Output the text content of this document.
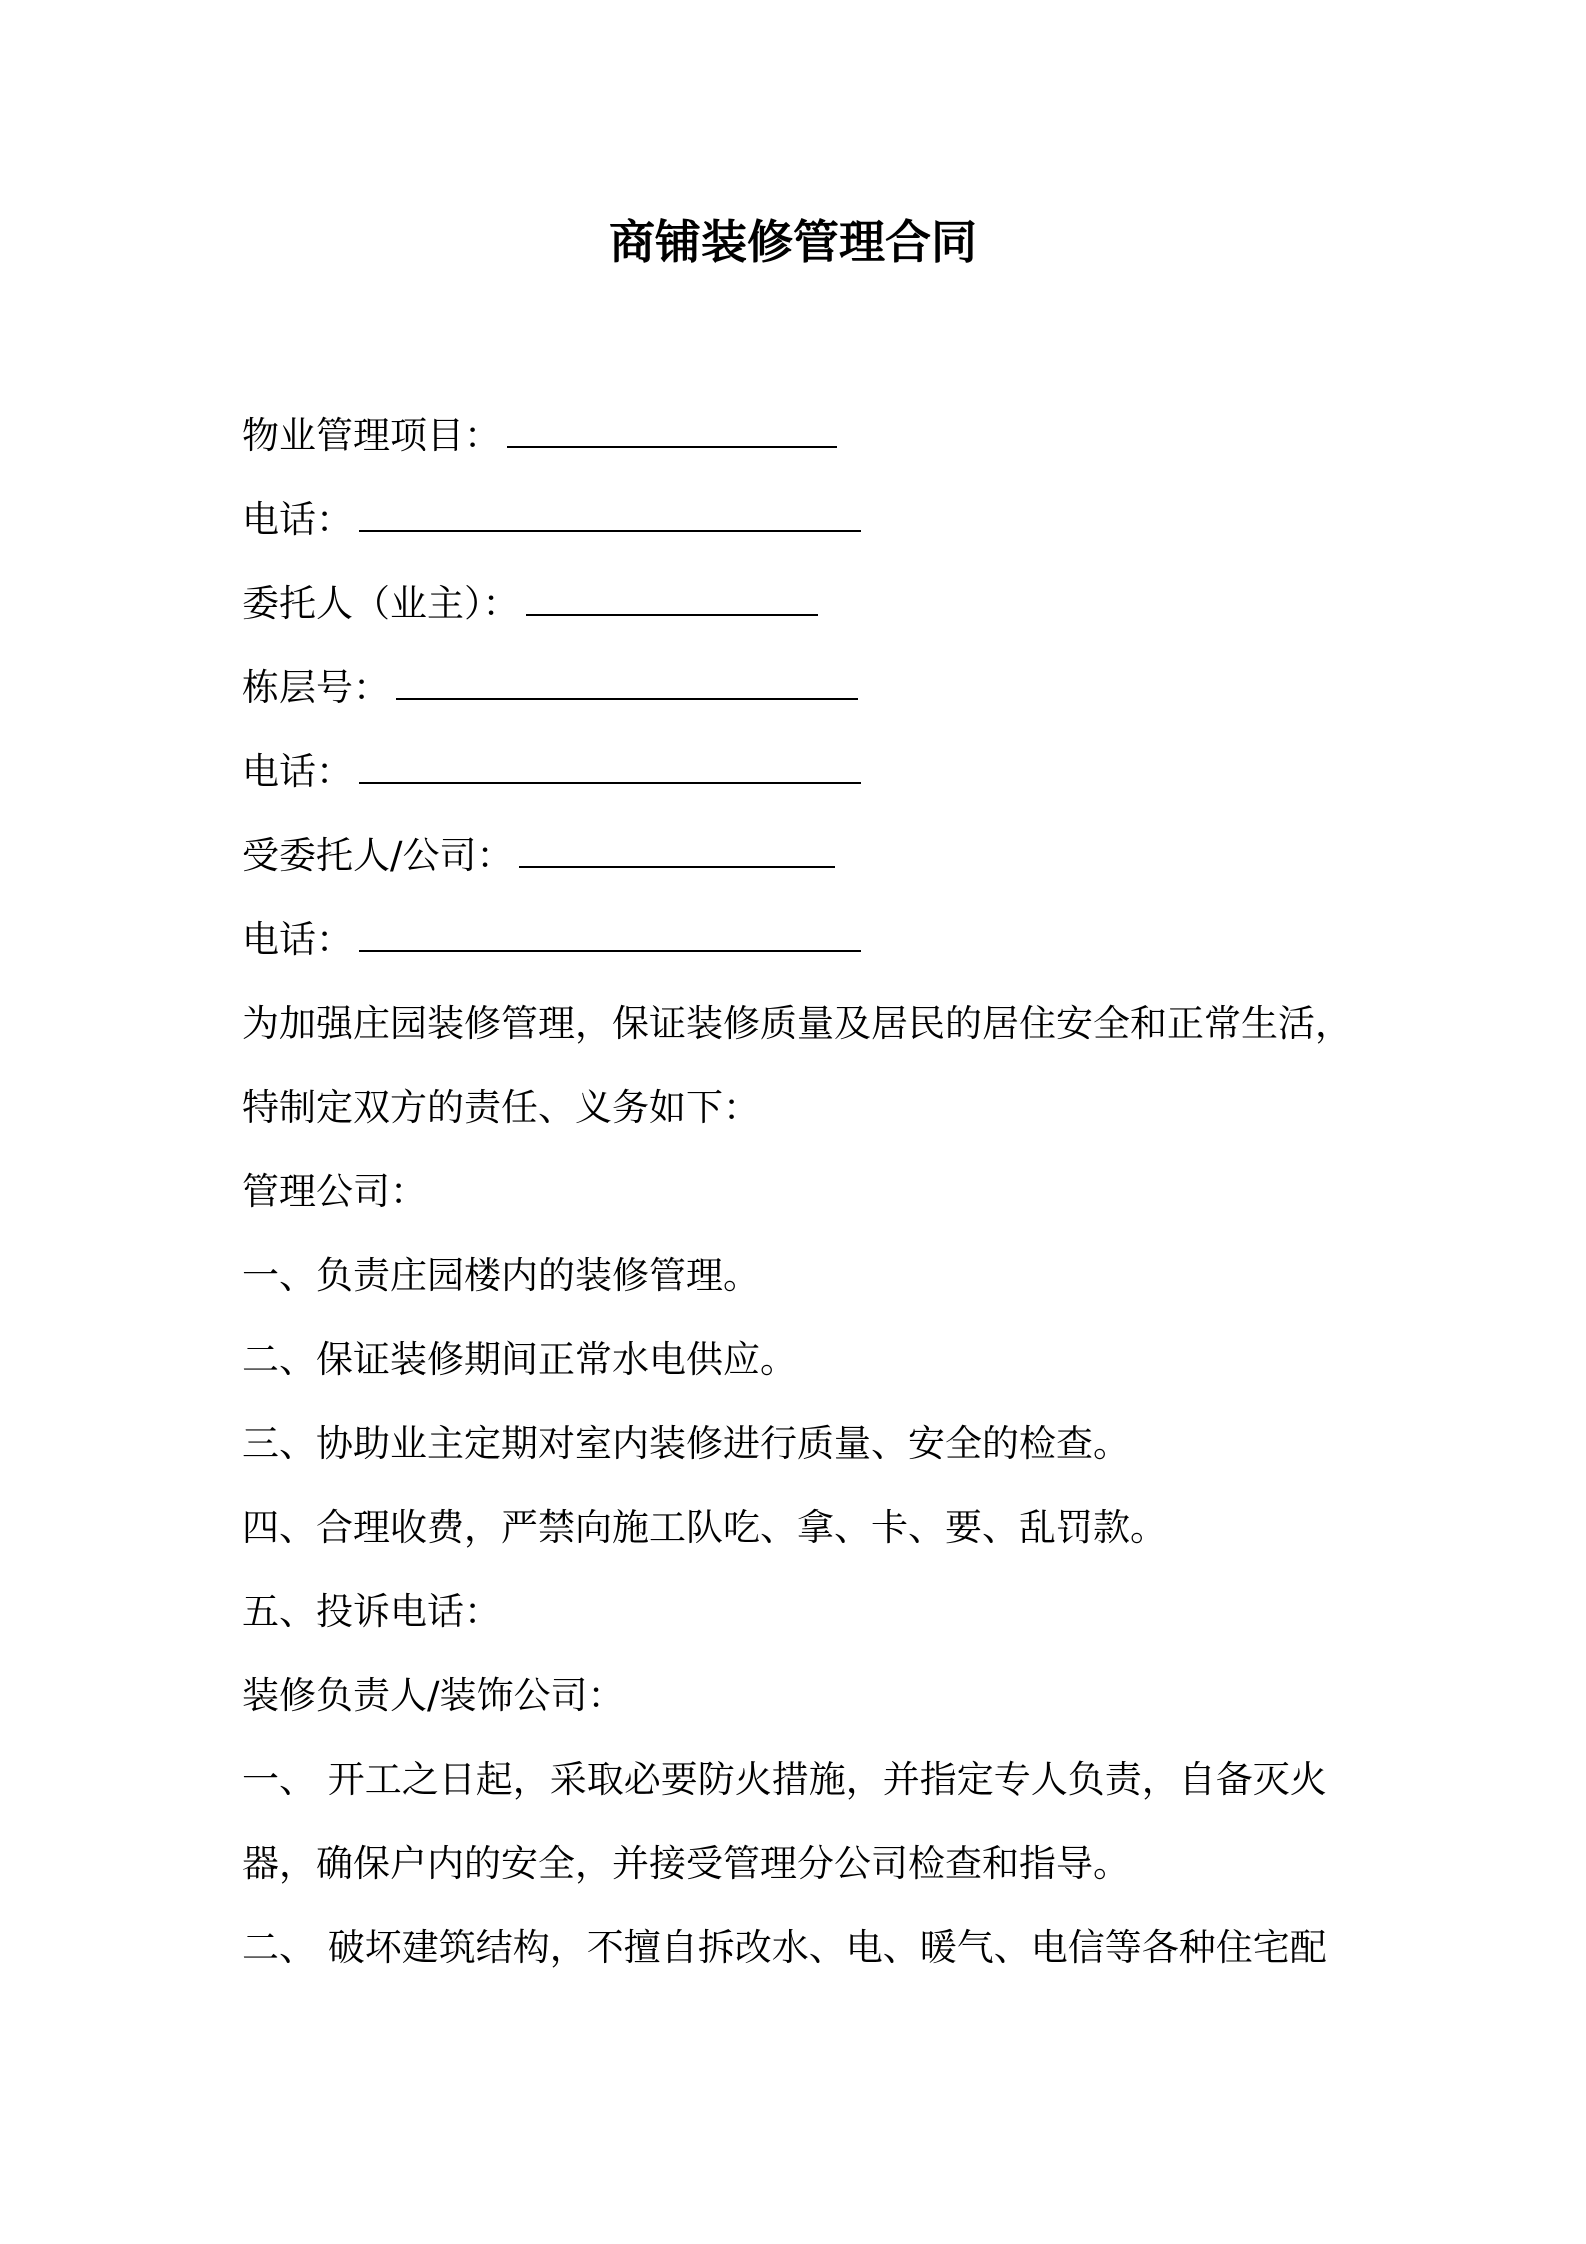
商铺装修管理合同
物业管理项目：
电话：
委托人（业主）：
栋层号：
电话：
受委托人/公司：
电话：
为加强庄园装修管理，保证装修质量及居民的居住安全和正常生活，
特制定双方的责任、义务如下：
管理公司：
一、负责庄园楼内的装修管理。
二、保证装修期间正常水电供应。
三、协助业主定期对室内装修进行质量、安全的检查。
四、合理收费，严禁向施工队吃、拿、卡、要、乱罚款。
五、投诉电话：
装修负责人/装饰公司：
一、 开工之日起，采取必要防火措施，并指定专人负责，自备灭火
器，确保户内的安全，并接受管理分公司检查和指导。
二、 破坏建筑结构，不擅自拆改水、电、暖气、电信等各种住宅配
